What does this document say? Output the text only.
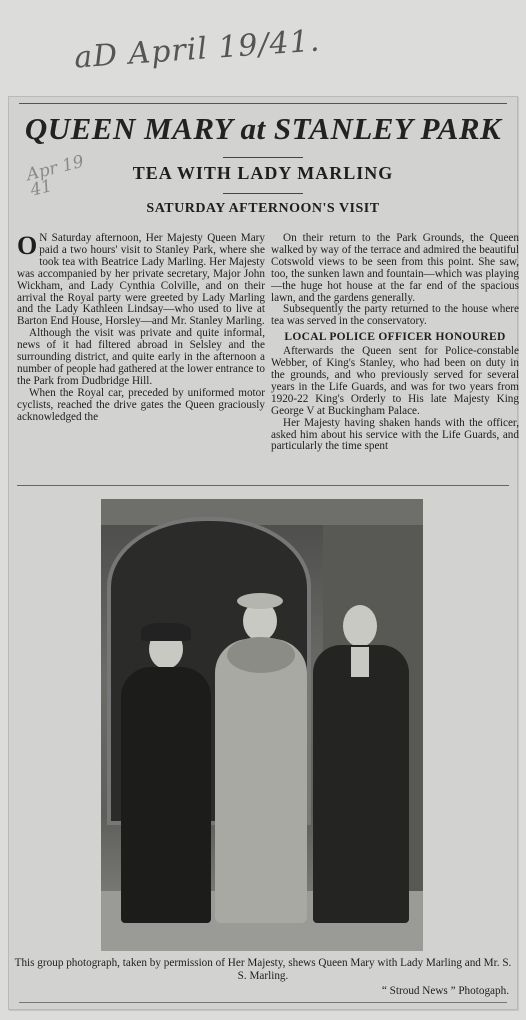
aD April 19/41.
QUEEN MARY at STANLEY PARK
TEA WITH LADY MARLING
SATURDAY AFTERNOON'S VISIT

O N Saturday afternoon, Her Majesty Queen Mary paid a two hours' visit to Stanley Park, where she took tea with Beatrice Lady Marling. Her Majesty was accompanied by her private secretary, Major John Wickham, and Lady Cynthia Colville, and on their arrival the Royal party were greeted by Lady Marling and the Lady Kathleen Lindsay—who used to live at Barton End House, Horsley—and Mr. Stanley Marling.

Although the visit was private and quite informal, news of it had filtered abroad in Selsley and the surrounding district, and quite early in the afternoon a number of people had gathered at the lower entrance to the Park from Dudbridge Hill.

When the Royal car, preceded by uniformed motor cyclists, reached the drive gates the Queen graciously acknowledged the

On their return to the Park Grounds, the Queen walked by way of the terrace and admired the beautiful Cotswold views to be seen from this point. She saw, too, the sunken lawn and fountain—which was playing—the huge hot house at the far end of the spacious lawn, and the gardens generally.

Subsequently the party returned to the house where tea was served in the conservatory.

LOCAL POLICE OFFICER HONOURED

Afterwards the Queen sent for Police-constable Webber, of King's Stanley, who had been on duty in the grounds, and who previously served for several years in the Life Guards, and was for two years from 1920-22 King's Orderly to His late Majesty King George V at Buckingham Palace.

Her Majesty having shaken hands with the officer, asked him about his service with the Life Guards, and particularly the time spent

This group photograph, taken by permission of Her Majesty, shews Queen Mary with Lady Marling and Mr. S. S. Marling.
“ Stroud News ” Photogaph.
Apr 19 41
